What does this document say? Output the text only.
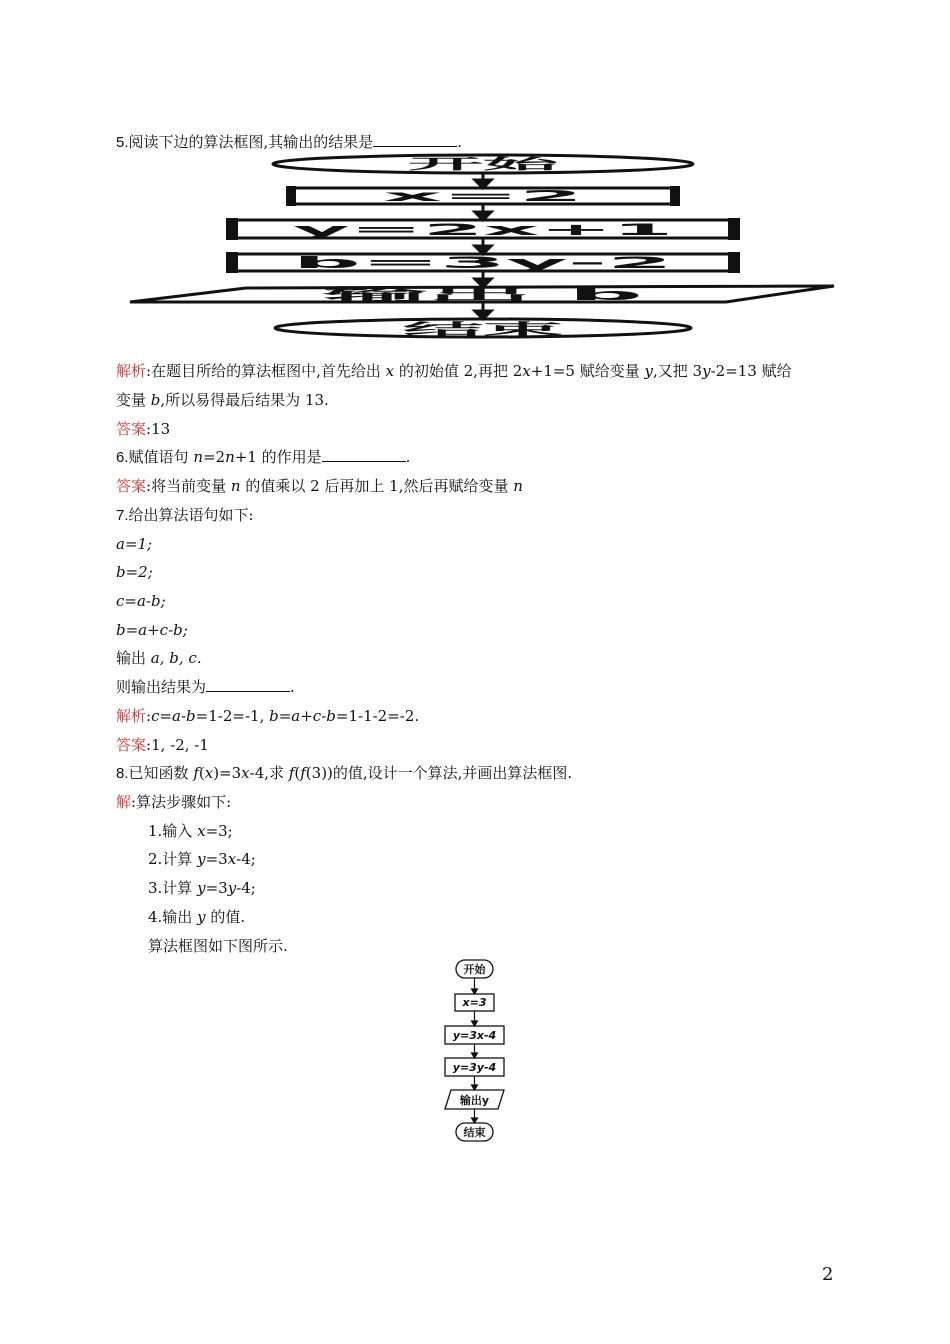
5.阅读下边的算法框图,其输出的结果是	.
开始
x=2
y=2x+1
b=3y-2
输出 b
结束
解析:在题目所给的算法框图中,首先给出 x 的初始值 2,再把 2x+1=5 赋给变量 y,又把 3y-2=13 赋给
变量 b,所以易得最后结果为 13.
答案:13
6.赋值语句 n=2n+1 的作用是	.
答案:将当前变量 n 的值乘以 2 后再加上 1,然后再赋给变量 n
7.给出算法语句如下:
a=1;
b=2;
c=a-b;
b=a+c-b;
输出 a, b, c.
则输出结果为	.
解析:c=a-b=1-2=-1, b=a+c-b=1-1-2=-2.
答案:1, -2, -1
8.已知函数 f(x)=3x-4,求 f(f(3))的值,设计一个算法,并画出算法框图.
解:算法步骤如下:
1.输入 x=3;
2.计算 y=3x-4;
3.计算 y=3y-4;
4.输出 y 的值.
算法框图如下图所示.
开始
x=3
y=3x-4
y=3y-4
输出y
结束
2
